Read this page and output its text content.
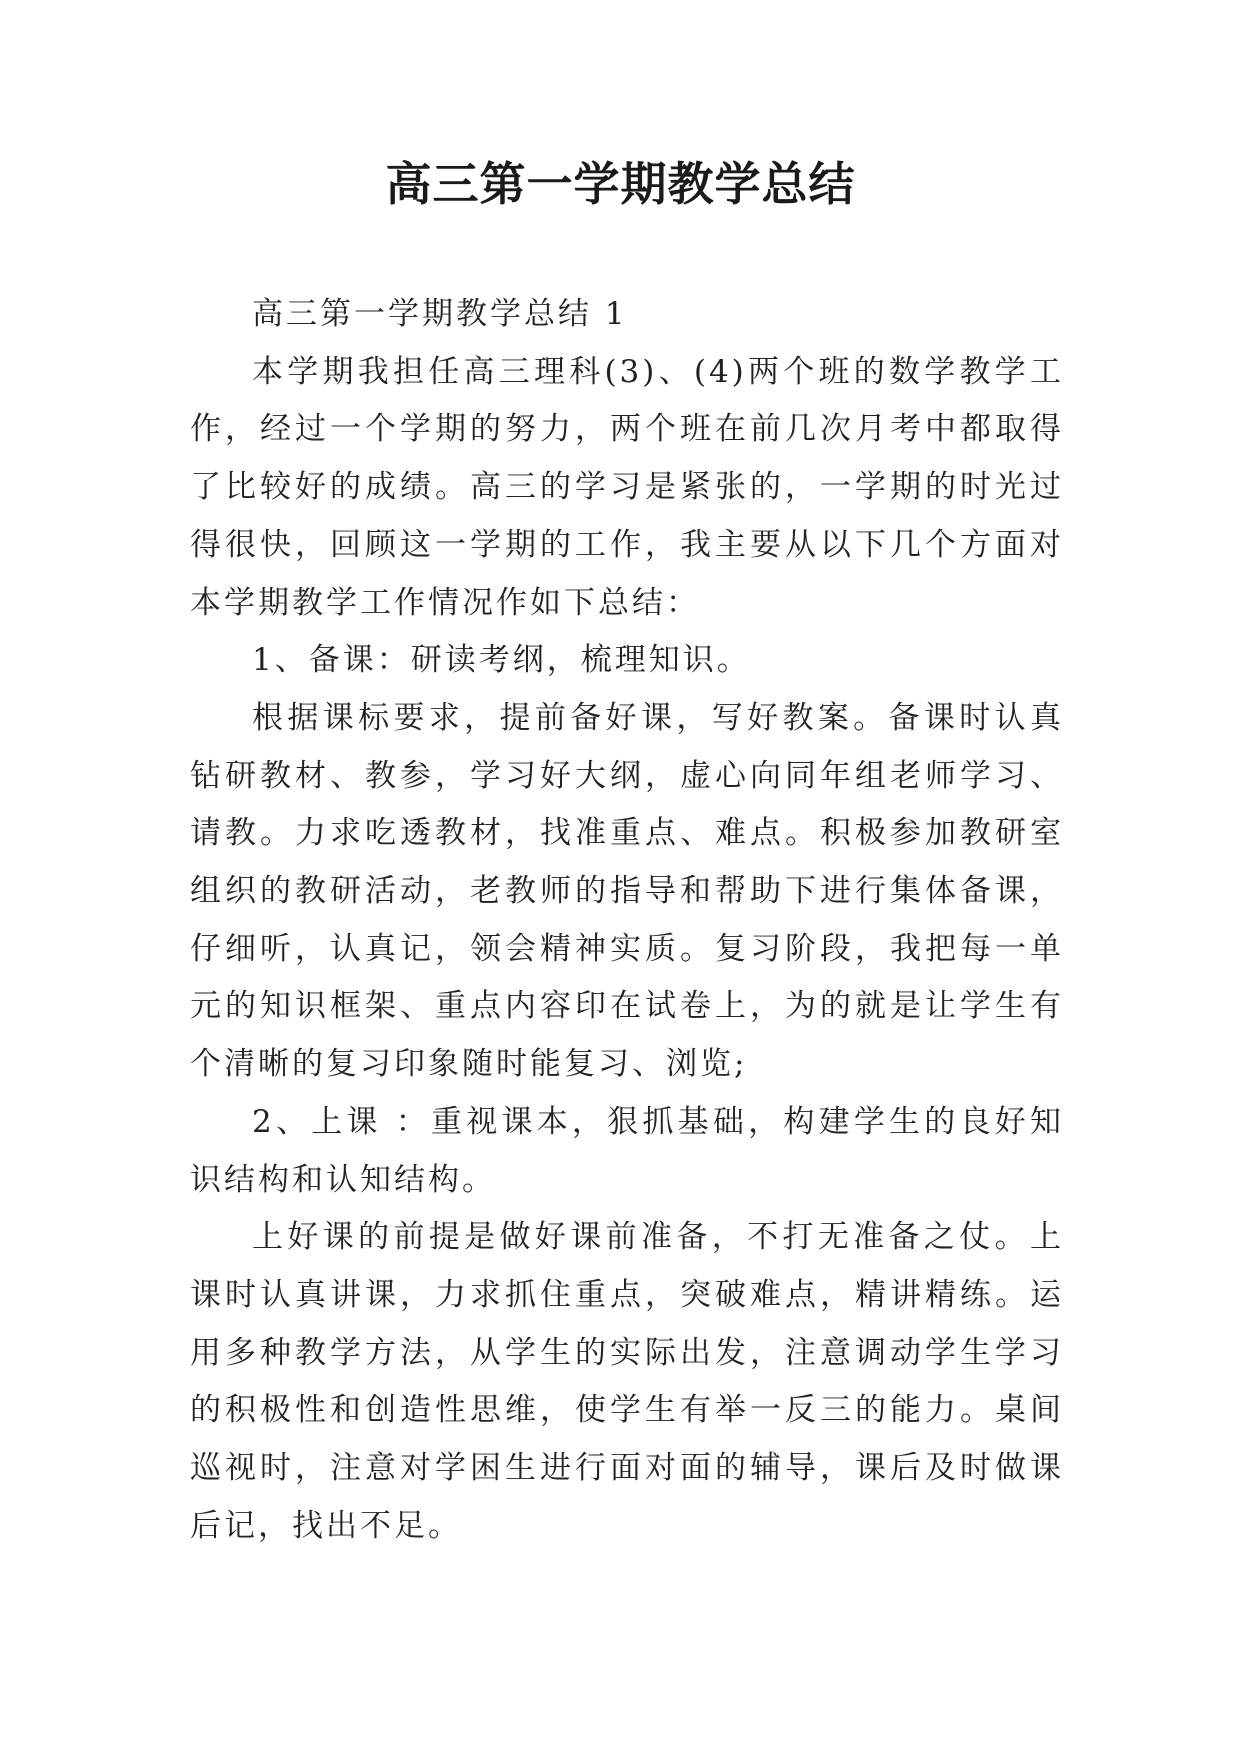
高三第一学期教学总结

高三第一学期教学总结 1

本学期我担任高三理科(3)、(4)两个班的数学教学工作，经过一个学期的努力，两个班在前几次月考中都取得了比较好的成绩。高三的学习是紧张的，一学期的时光过得很快，回顾这一学期的工作，我主要从以下几个方面对本学期教学工作情况作如下总结：

1、备课：研读考纲，梳理知识。

根据课标要求，提前备好课，写好教案。备课时认真钻研教材、教参，学习好大纲，虚心向同年组老师学习、请教。力求吃透教材，找准重点、难点。积极参加教研室组织的教研活动，老教师的指导和帮助下进行集体备课，仔细听，认真记，领会精神实质。复习阶段，我把每一单元的知识框架、重点内容印在试卷上，为的就是让学生有个清晰的复习印象随时能复习、浏览;

2、上课 ：重视课本，狠抓基础，构建学生的良好知识结构和认知结构。

上好课的前提是做好课前准备，不打无准备之仗。上课时认真讲课，力求抓住重点，突破难点，精讲精练。运用多种教学方法，从学生的实际出发，注意调动学生学习的积极性和创造性思维，使学生有举一反三的能力。桌间巡视时，注意对学困生进行面对面的辅导，课后及时做课后记，找出不足。
